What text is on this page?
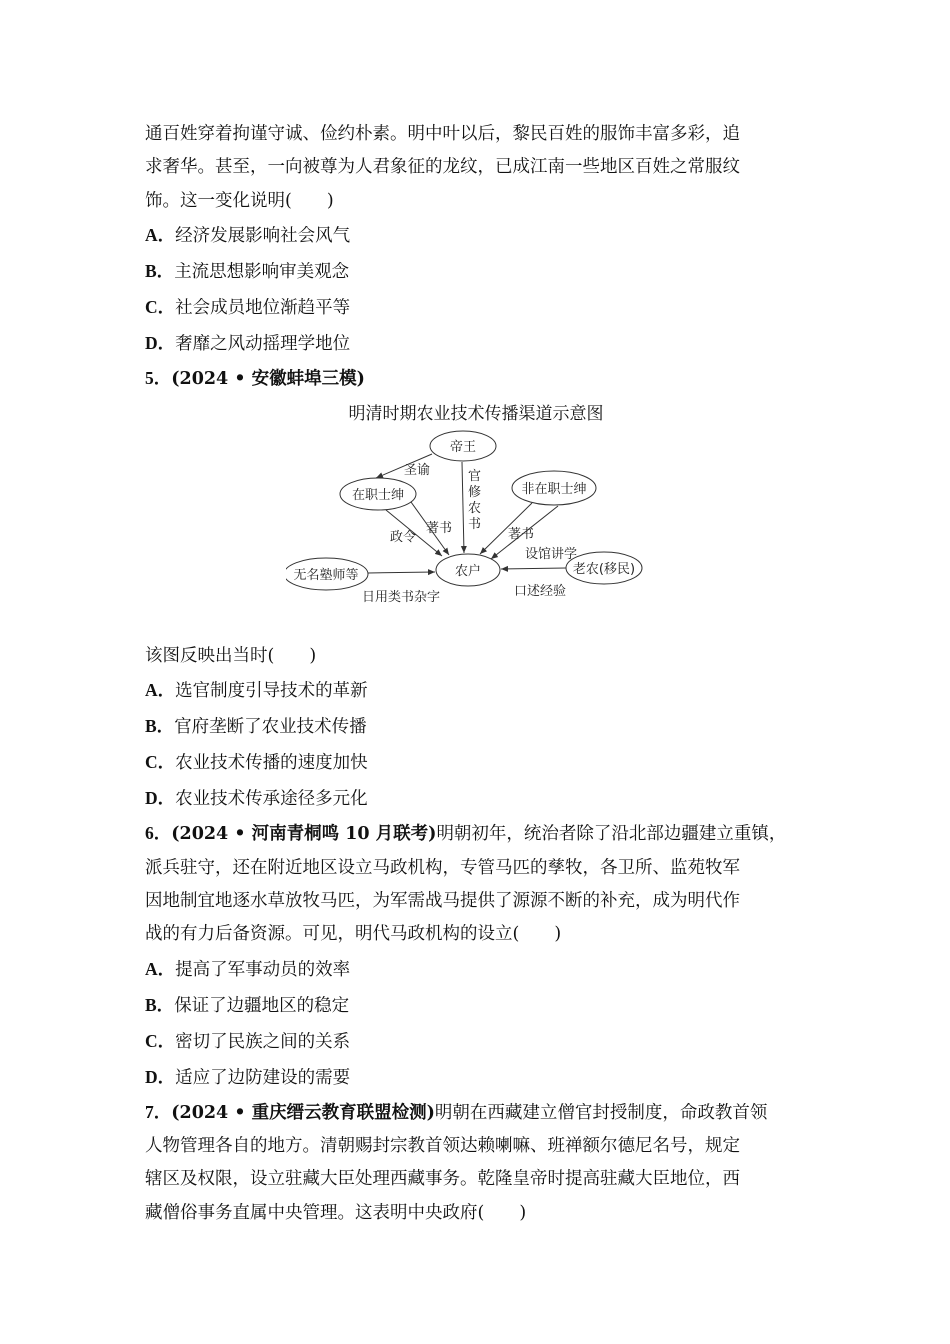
通百姓穿着拘谨守诚、俭约朴素。明中叶以后，黎民百姓的服饰丰富多彩，追

求奢华。甚至，一向被尊为人君象征的龙纹，已成江南一些地区百姓之常服纹

饰。这一变化说明(　　)

A．经济发展影响社会风气

B．主流思想影响审美观念

C．社会成员地位渐趋平等

D．奢靡之风动摇理学地位

5．(2024 • 安徽蚌埠三模)

明清时期农业技术传播渠道示意图

帝王
在职士绅	非在职士绅
农户
无名塾师等	老农(移民)
圣谕	官
修
农
书
政令
著书	著书
设馆讲学
日用类书杂字	口述经验

该图反映出当时(　　)

A．选官制度引导技术的革新

B．官府垄断了农业技术传播

C．农业技术传播的速度加快

D．农业技术传承途径多元化

6．(2024 • 河南青桐鸣 10 月联考)明朝初年，统治者除了沿北部边疆建立重镇，

派兵驻守，还在附近地区设立马政机构，专管马匹的孳牧，各卫所、监苑牧军

因地制宜地逐水草放牧马匹，为军需战马提供了源源不断的补充，成为明代作

战的有力后备资源。可见，明代马政机构的设立(　　)

A．提高了军事动员的效率

B．保证了边疆地区的稳定

C．密切了民族之间的关系

D．适应了边防建设的需要

7．(2024 • 重庆缙云教育联盟检测)明朝在西藏建立僧官封授制度，命政教首领

人物管理各自的地方。清朝赐封宗教首领达赖喇嘛、班禅额尔德尼名号，规定

辖区及权限，设立驻藏大臣处理西藏事务。乾隆皇帝时提高驻藏大臣地位，西

藏僧俗事务直属中央管理。这表明中央政府(　　)
